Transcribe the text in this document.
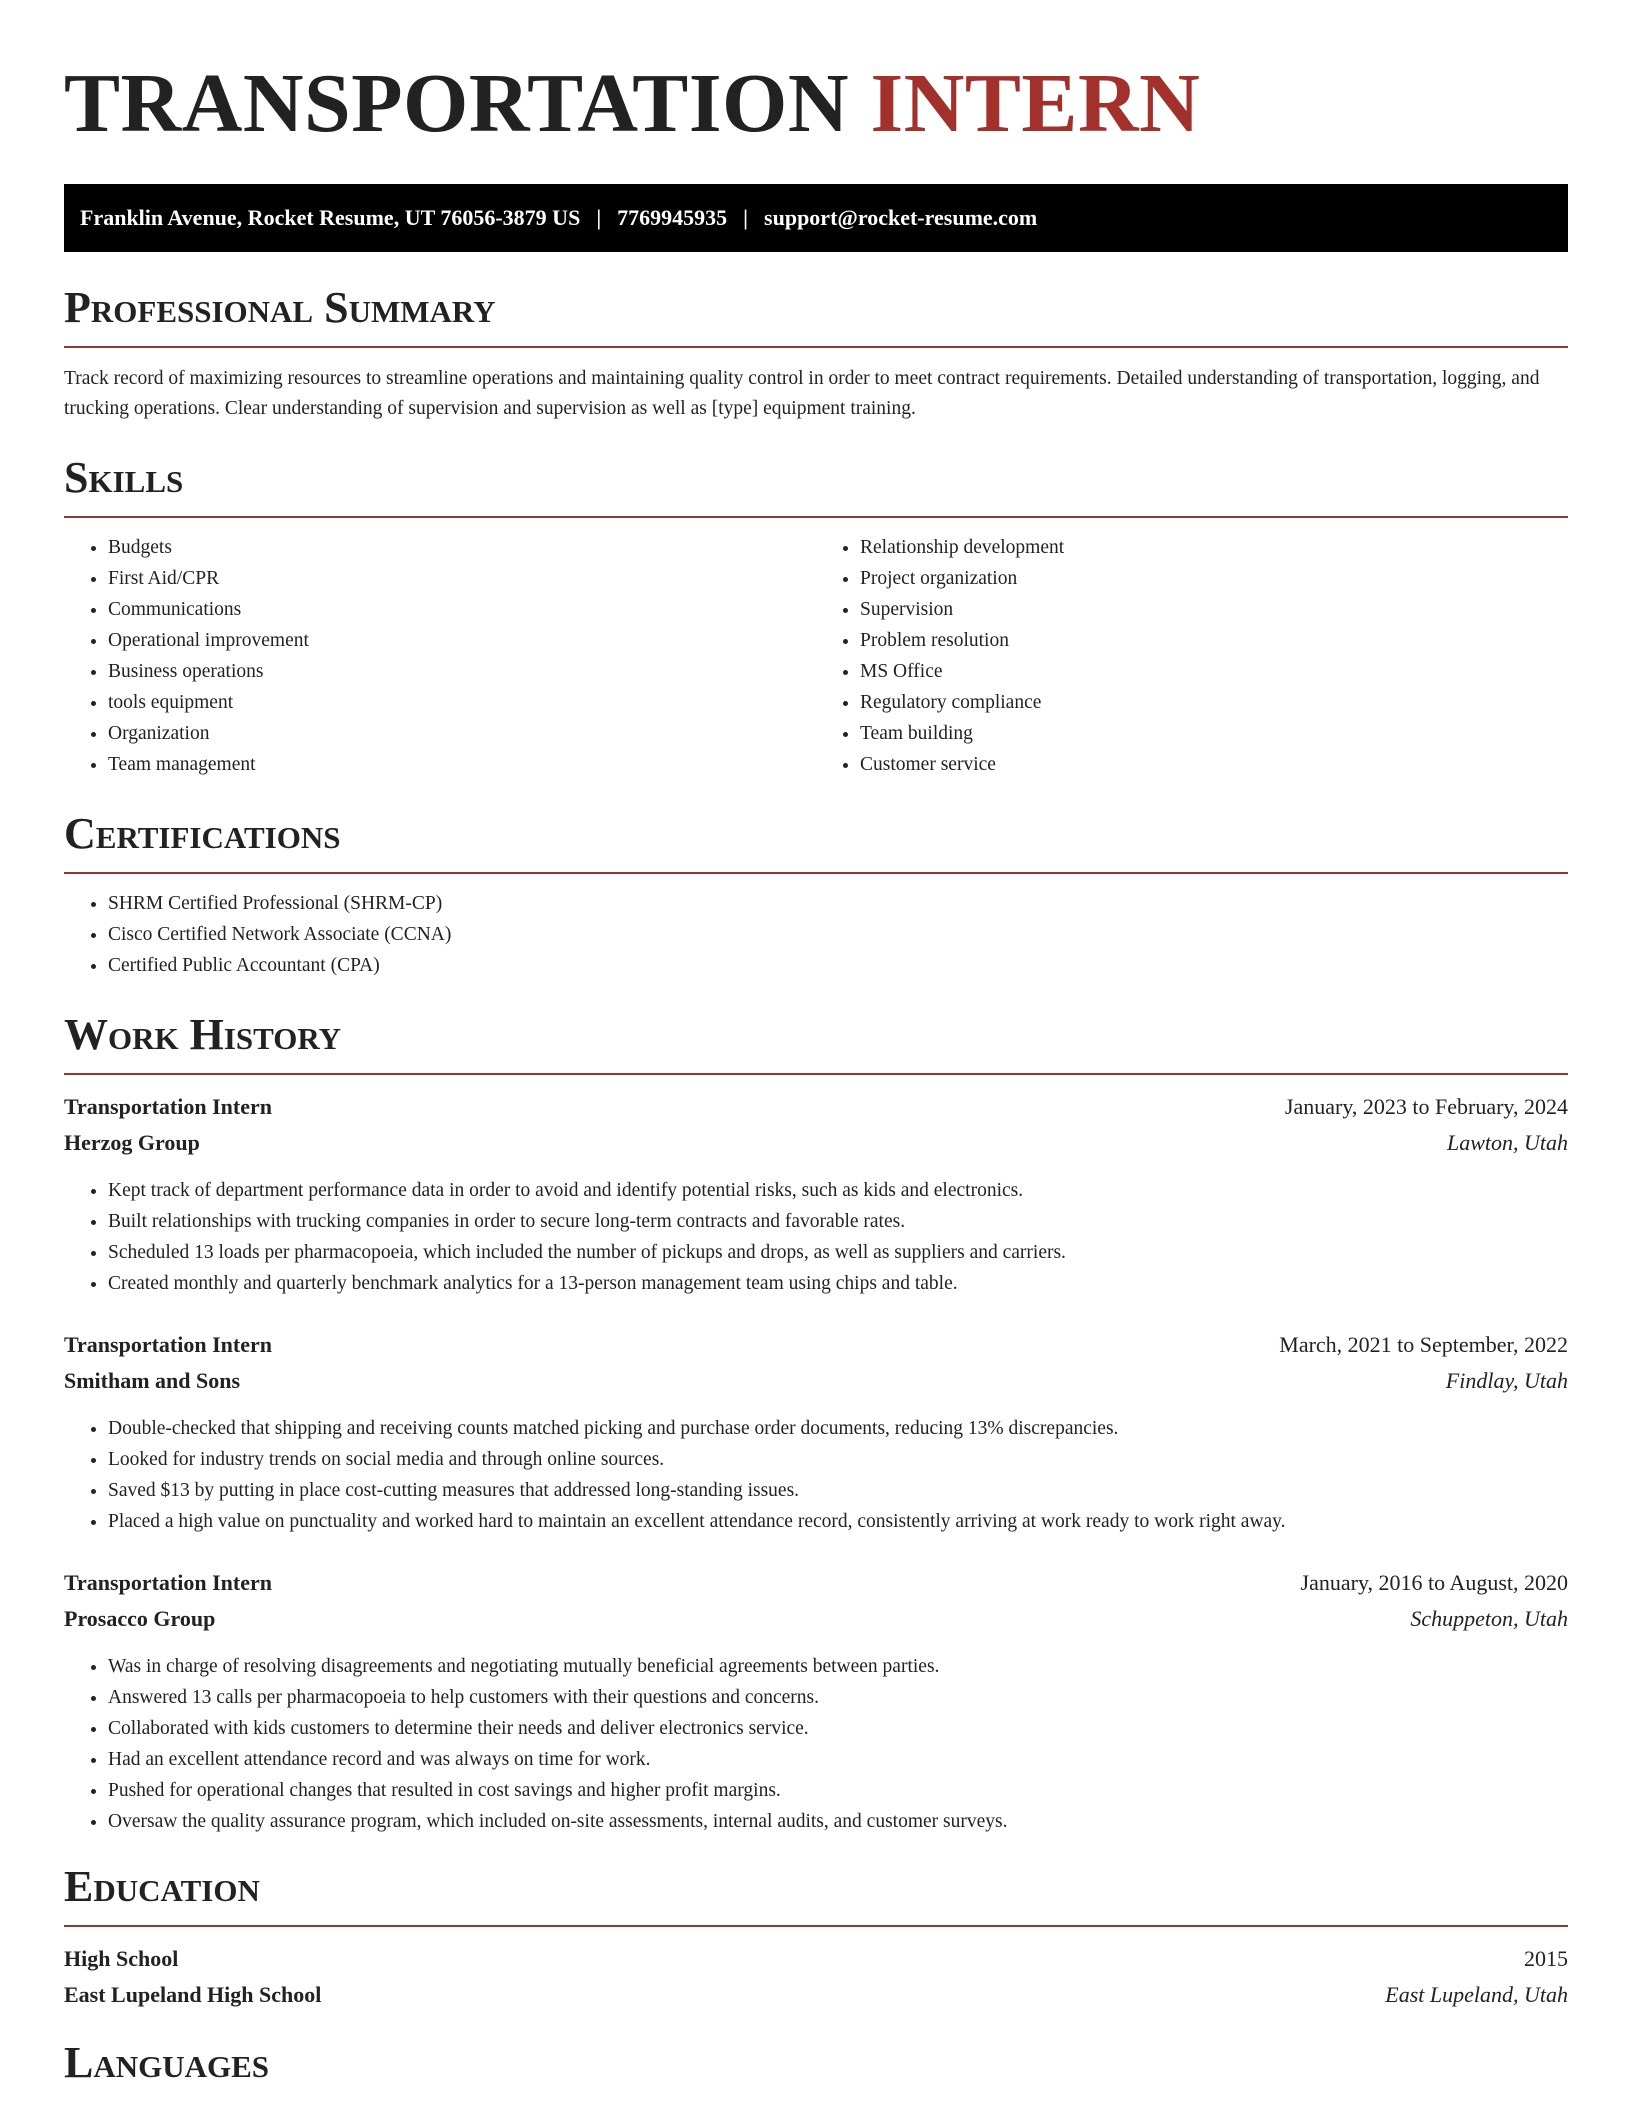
TRANSPORTATION INTERN
Franklin Avenue, Rocket Resume, UT 76056-3879 US | 7769945935 | support@rocket-resume.com
Professional Summary

Track record of maximizing resources to streamline operations and maintaining quality control in order to meet contract requirements. Detailed understanding of transportation, logging, and trucking operations. Clear understanding of supervision and supervision as well as [type] equipment training.

Skills
• Budgets
• First Aid/CPR
• Communications
• Operational improvement
• Business operations
• tools equipment
• Organization
• Team management
• Relationship development
• Project organization
• Supervision
• Problem resolution
• MS Office
• Regulatory compliance
• Team building
• Customer service
Certifications
• SHRM Certified Professional (SHRM-CP)
• Cisco Certified Network Associate (CCNA)
• Certified Public Accountant (CPA)
Work History
Transportation Intern	January, 2023 to February, 2024
Herzog Group	Lawton, Utah
• Kept track of department performance data in order to avoid and identify potential risks, such as kids and electronics.
• Built relationships with trucking companies in order to secure long-term contracts and favorable rates.
• Scheduled 13 loads per pharmacopoeia, which included the number of pickups and drops, as well as suppliers and carriers.
• Created monthly and quarterly benchmark analytics for a 13-person management team using chips and table.
Transportation Intern	March, 2021 to September, 2022
Smitham and Sons	Findlay, Utah
• Double-checked that shipping and receiving counts matched picking and purchase order documents, reducing 13% discrepancies.
• Looked for industry trends on social media and through online sources.
• Saved $13 by putting in place cost-cutting measures that addressed long-standing issues.
• Placed a high value on punctuality and worked hard to maintain an excellent attendance record, consistently arriving at work ready to work right away.
Transportation Intern	January, 2016 to August, 2020
Prosacco Group	Schuppeton, Utah
• Was in charge of resolving disagreements and negotiating mutually beneficial agreements between parties.
• Answered 13 calls per pharmacopoeia to help customers with their questions and concerns.
• Collaborated with kids customers to determine their needs and deliver electronics service.
• Had an excellent attendance record and was always on time for work.
• Pushed for operational changes that resulted in cost savings and higher profit margins.
• Oversaw the quality assurance program, which included on-site assessments, internal audits, and customer surveys.
Education
High School	2015
East Lupeland High School	East Lupeland, Utah
Languages
